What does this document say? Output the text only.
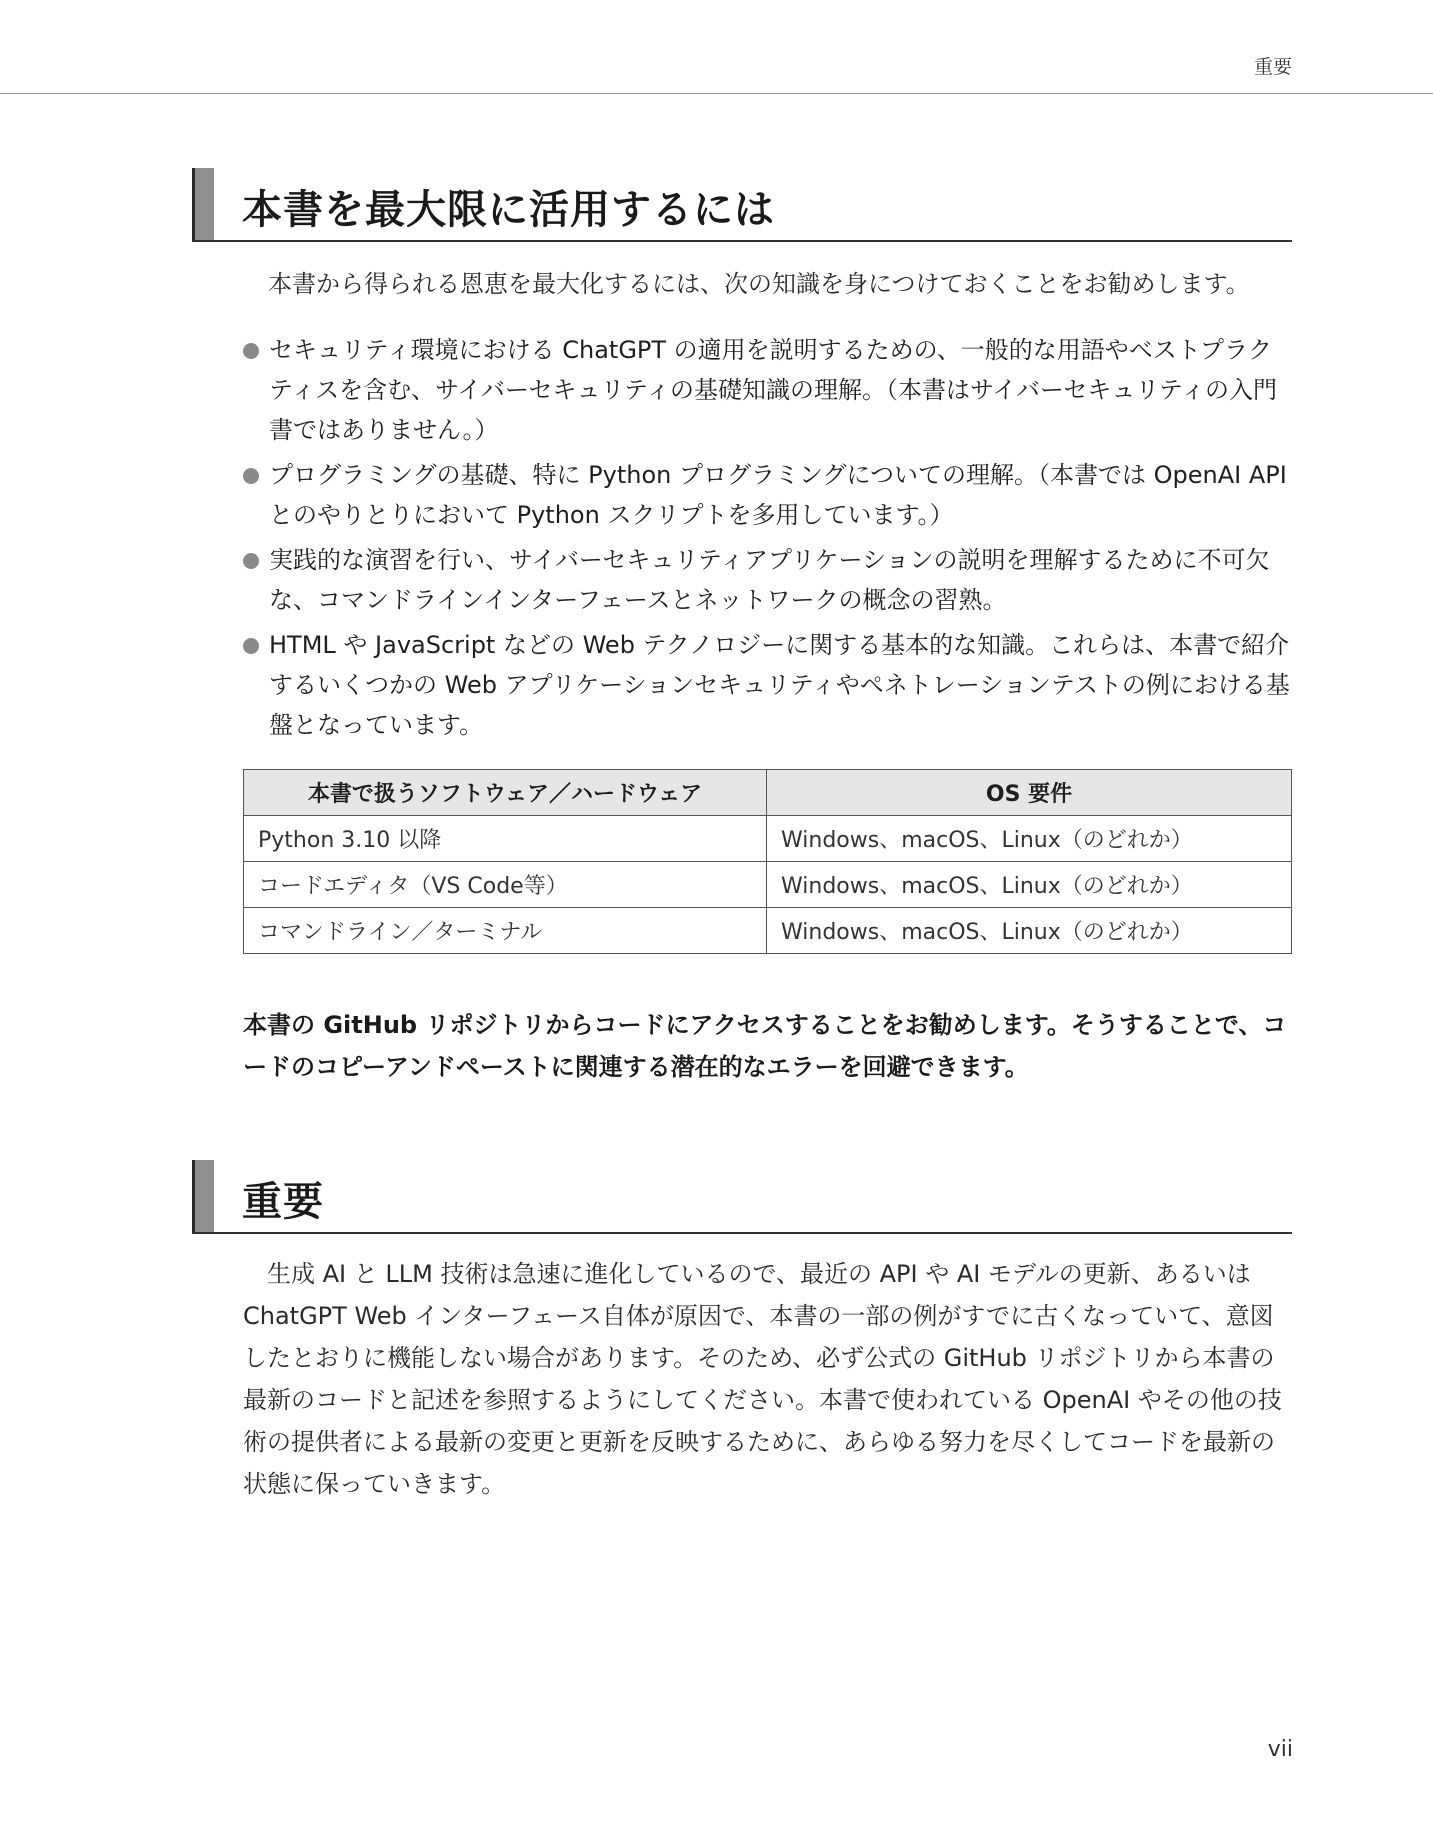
重要
本書を最大限に活用するには
本書から得られる恩恵を最大化するには、次の知識を身につけておくことをお勧めします。
セキュリティ環境における ChatGPT の適用を説明するための、一般的な用語やベストプラクティスを含む、サイバーセキュリティの基礎知識の理解。（本書はサイバーセキュリティの入門書ではありません。）
プログラミングの基礎、特に Python プログラミングについての理解。（本書では OpenAI API とのやりとりにおいて Python スクリプトを多用しています。）
実践的な演習を行い、サイバーセキュリティアプリケーションの説明を理解するために不可欠な、コマンドラインインターフェースとネットワークの概念の習熟。
HTML や JavaScript などの Web テクノロジーに関する基本的な知識。これらは、本書で紹介するいくつかの Web アプリケーションセキュリティやペネトレーションテストの例における基盤となっています。
本書で扱うソフトウェア／ハードウェア	OS 要件
Python 3.10 以降	Windows、macOS、Linux（のどれか）
コードエディタ（VS Code等）	Windows、macOS、Linux（のどれか）
コマンドライン／ターミナル	Windows、macOS、Linux（のどれか）
本書の GitHub リポジトリからコードにアクセスすることをお勧めします。そうすることで、コードのコピーアンドペーストに関連する潜在的なエラーを回避できます。
重要
生成 AI と LLM 技術は急速に進化しているので、最近の API や AI モデルの更新、あるいは ChatGPT Web インターフェース自体が原因で、本書の一部の例がすでに古くなっていて、意図したとおりに機能しない場合があります。そのため、必ず公式の GitHub リポジトリから本書の最新のコードと記述を参照するようにしてください。本書で使われている OpenAI やその他の技術の提供者による最新の変更と更新を反映するために、あらゆる努力を尽くしてコードを最新の状態に保っていきます。
vii
